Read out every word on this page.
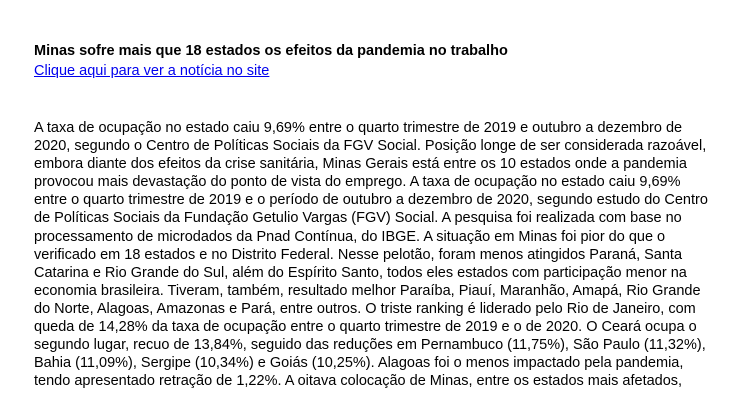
Minas sofre mais que 18 estados os efeitos da pandemia no trabalho
Clique aqui para ver a notícia no site
A taxa de ocupação no estado caiu 9,69% entre o quarto trimestre de 2019 e outubro a dezembro de
2020, segundo o Centro de Políticas Sociais da FGV Social. Posição longe de ser considerada razoável,
embora diante dos efeitos da crise sanitária, Minas Gerais está entre os 10 estados onde a pandemia
provocou mais devastação do ponto de vista do emprego. A taxa de ocupação no estado caiu 9,69%
entre o quarto trimestre de 2019 e o período de outubro a dezembro de 2020, segundo estudo do Centro
de Políticas Sociais da Fundação Getulio Vargas (FGV) Social. A pesquisa foi realizada com base no
processamento de microdados da Pnad Contínua, do IBGE. A situação em Minas foi pior do que o
verificado em 18 estados e no Distrito Federal. Nesse pelotão, foram menos atingidos Paraná, Santa
Catarina e Rio Grande do Sul, além do Espírito Santo, todos eles estados com participação menor na
economia brasileira. Tiveram, também, resultado melhor Paraíba, Piauí, Maranhão, Amapá, Rio Grande
do Norte, Alagoas, Amazonas e Pará, entre outros. O triste ranking é liderado pelo Rio de Janeiro, com
queda de 14,28% da taxa de ocupação entre o quarto trimestre de 2019 e o de 2020. O Ceará ocupa o
segundo lugar, recuo de 13,84%, seguido das reduções em Pernambuco (11,75%), São Paulo (11,32%),
Bahia (11,09%), Sergipe (10,34%) e Goiás (10,25%). Alagoas foi o menos impactado pela pandemia,
tendo apresentado retração de 1,22%. A oitava colocação de Minas, entre os estados mais afetados,
